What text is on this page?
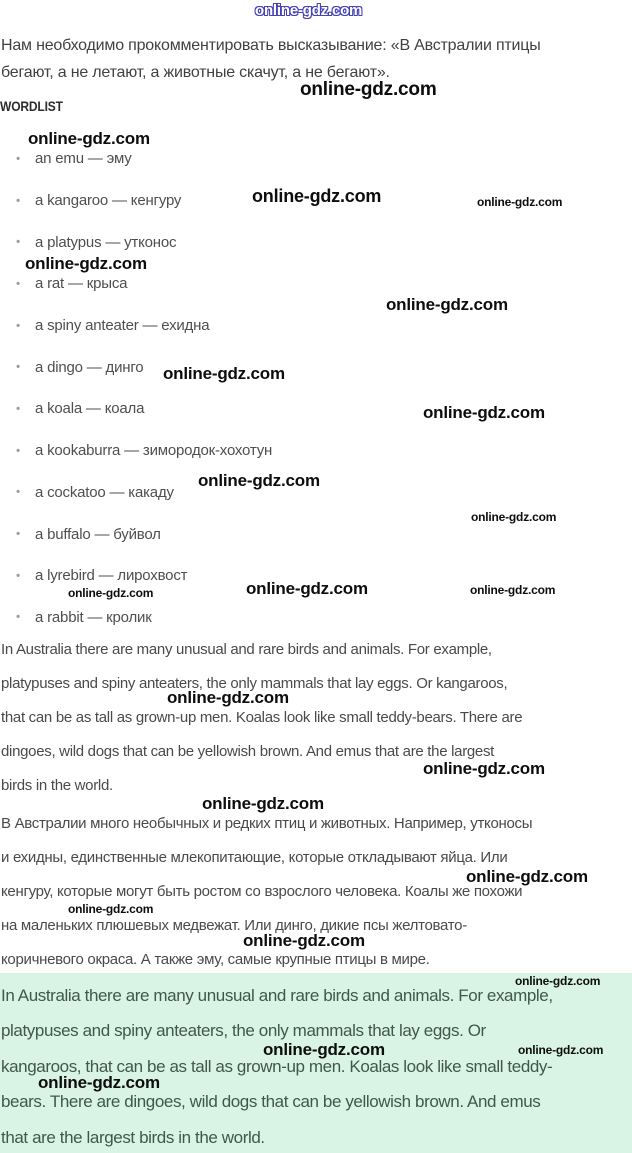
Нам необходимо прокомментировать высказывание: «В Австралии птицы
бегают, а не летают, а животные скачут, а не бегают».
WORDLIST
• an emu — эму
• a kangaroo — кенгуру
• a platypus — утконос
• a rat — крыса
• a spiny anteater — ехидна
• a dingo — динго
• a koala — коала
• a kookaburra — зимородок-хохотун
• a cockatoo — какаду
• a buffalo — буйвол
• a lyrebird — лирохвост
• a rabbit — кролик
In Australia there are many unusual and rare birds and animals. For example,
platypuses and spiny anteaters, the only mammals that lay eggs. Or kangaroos,
that can be as tall as grown-up men. Koalas look like small teddy-bears. There are
dingoes, wild dogs that can be yellowish brown. And emus that are the largest
birds in the world.
В Австралии много необычных и редких птиц и животных. Например, утконосы
и ехидны, единственные млекопитающие, которые откладывают яйца. Или
кенгуру, которые могут быть ростом со взрослого человека. Коалы же похожи
на маленьких плюшевых медвежат. Или динго, дикие псы желтовато-
коричневого окраса. А также эму, самые крупные птицы в мире.
In Australia there are many unusual and rare birds and animals. For example,
platypuses and spiny anteaters, the only mammals that lay eggs. Or
kangaroos, that can be as tall as grown-up men. Koalas look like small teddy-
bears. There are dingoes, wild dogs that can be yellowish brown. And emus
that are the largest birds in the world.
online-gdz.com
online-gdz.com
online-gdz.com
online-gdz.com	online-gdz.com
online-gdz.com
online-gdz.com
online-gdz.com
online-gdz.com
online-gdz.com
online-gdz.com
online-gdz.com	online-gdz.com	online-gdz.com
online-gdz.com
online-gdz.com
online-gdz.com
online-gdz.com
online-gdz.com
online-gdz.com
online-gdz.com
online-gdz.com	online-gdz.com
online-gdz.com
